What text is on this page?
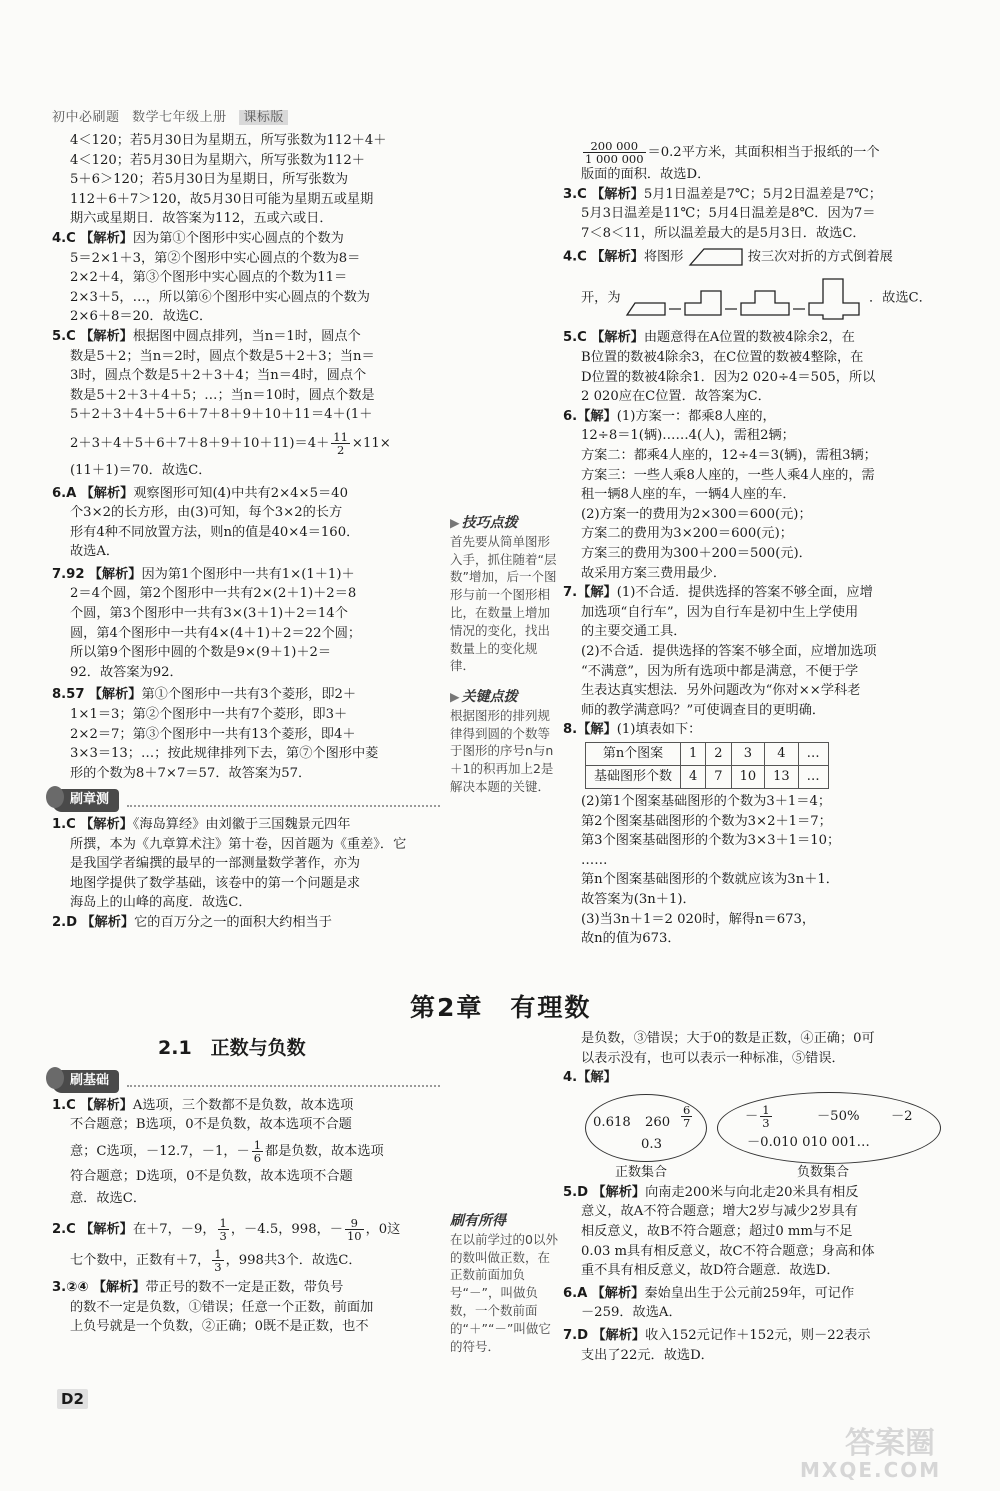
初中必刷题 数学七年级上册 课标版

4＜120；若5月30日为星期五，所写张数为112＋4＋

4＜120；若5月30日为星期六，所写张数为112＋

5＋6＞120；若5月30日为星期日，所写张数为

112＋6＋7＞120，故5月30日可能为星期五或星期

期六或星期日．故答案为112，五或六或日．

4.C 【解析】因为第①个图形中实心圆点的个数为

5＝2×1＋3，第②个图形中实心圆点的个数为8＝

2×2＋4，第③个图形中实心圆点的个数为11＝

2×3＋5，…，所以第⑥个图形中实心圆点的个数为

2×6＋8＝20．故选C．

5.C 【解析】根据图中圆点排列，当n＝1时，圆点个

数是5＋2；当n＝2时，圆点个数是5＋2＋3；当n＝

3时，圆点个数是5＋2＋3＋4；当n＝4时，圆点个

数是5＋2＋3＋4＋5；…；当n＝10时，圆点个数是

5＋2＋3＋4＋5＋6＋7＋8＋9＋10＋11＝4＋(1＋

$2+3+4+5+6+7+8+9+10+11)=4+ \frac{11}{2} \times 11\times$

(11＋1)＝70．故选C．

6.A 【解析】观察图形可知(4)中共有2×4×5＝40

个3×2的长方形，由(3)可知，每个3×2的长方

形有4种不同放置方法，则n的值是40×4＝160．

故选A．

7.92 【解析】因为第1个图形中一共有1×(1＋1)＋

2＝4个圆，第2个图形中一共有2×(2＋1)＋2＝8

个圆，第3个图形中一共有3×(3＋1)＋2＝14个

圆，第4个图形中一共有4×(4＋1)＋2＝22个圆；

所以第9个图形中圆的个数是9×(9＋1)＋2＝

92．故答案为92．

8.57 【解析】第①个图形中一共有3个菱形，即2＋

1×1＝3；第②个图形中一共有7个菱形，即3＋

2×2＝7；第③个图形中一共有13个菱形，即4＋

3×3＝13；…；按此规律排列下去，第⑦个图形中菱

形的个数为8＋7×7＝57．故答案为57．

刷章测

1.C 【解析】《海岛算经》由刘徽于三国魏景元四年

所撰，本为《九章算术注》第十卷，因首题为《重差》．它

是我国学者编撰的最早的一部测量数学著作，亦为

地图学提供了数学基础，该卷中的第一个问题是求

海岛上的山峰的高度．故选C．

2.D 【解析】它的百万分之一的面积大约相当于

▶ 技巧点拨
首先要从简单图形入手，抓住随着“层数”增加，后一个图形与前一个图形相比，在数量上增加情况的变化，找出数量上的变化规律．
▶ 关键点拨
根据图形的排列规律得到圆的个数等于图形的序号n与n＋1的积再加上2是解决本题的关键．
刷有所得
在以前学过的0以外的数叫做正数，在正数前面加负号“－”，叫做负数，一个数前面的“＋”“－”叫做它的符号．

$\frac{200 000}{1 000 000} =0.2$平方米，其面积相当于报纸的一个

版面的面积．故选D．

3.C 【解析】5月1日温差是7℃；5月2日温差是7℃；

5月3日温差是11℃；5月4日温差是8℃．因为7＝

7＜8＜11，所以温差最大的是5月3日．故选C．

4.C 【解析】将图形	按三次对折的方式倒着展

开，为	．故选C．

5.C 【解析】由题意得在A位置的数被4除余2，在

B位置的数被4除余3，在C位置的数被4整除，在

D位置的数被4除余1．因为2 020÷4＝505，所以

2 020应在C位置．故答案为C．

6.【解】(1)方案一：都乘8人座的，

12÷8＝1(辆)……4(人)，需租2辆；

方案二：都乘4人座的，12÷4＝3(辆)，需租3辆；

方案三：一些人乘8人座的，一些人乘4人座的，需

租一辆8人座的车，一辆4人座的车．

(2)方案一的费用为2×300＝600(元)；

方案二的费用为3×200＝600(元)；

方案三的费用为300＋200＝500(元)．

故采用方案三费用最少．

7.【解】(1)不合适．提供选择的答案不够全面，应增

加选项“自行车”，因为自行车是初中生上学使用

的主要交通工具．

(2)不合适．提供选择的答案不够全面，应增加选项

“不满意”，因为所有选项中都是满意，不便于学

生表达真实想法．另外问题改为“你对××学科老

师的教学满意吗？”可使调查目的更明确．

8.【解】(1)填表如下：

第n个图案	1	2	3	4	…
基础图形个数	4	7	10	13	…

(2)第1个图案基础图形的个数为3＋1＝4；

第2个图案基础图形的个数为3×2＋1＝7；

第3个图案基础图形的个数为3×3＋1＝10；

……

第n个图案基础图形的个数就应该为3n＋1．

故答案为(3n＋1)．

(3)当3n＋1＝2 020时，解得n＝673，

故n的值为673．

第2章　有理数
2.1　正数与负数
刷基础

1.C 【解析】A选项，三个数都不是负数，故本选项

不合题意；B选项，0不是负数，故本选项不合题

意；C选项，－12.7，－1，－ $\frac{1}{6}$ 都是负数，故本选项

符合题意；D选项，0不是负数，故本选项不合题

意．故选C．

2.C 【解析】在＋7，－9， $\frac{1}{3}$ ，－4.5，998，－ $\frac{9}{10}$ ，0这

七个数中，正数有＋7， $\frac{1}{3}$ ，998共3个．故选C．

3.②④ 【解析】带正号的数不一定是正数，带负号

的数不一定是负数，①错误；任意一个正数，前面加

上负号就是一个负数，②正确；0既不是正数，也不

是负数，③错误；大于0的数是正数，④正确；0可

以表示没有，也可以表示一种标准，⑤错误．

4.【解】

0.618 $260 \frac{6}{7}$
0.3
－ $\frac{1}{3}$	－50% －2
－0.010 010 001…
正数集合	负数集合

5.D 【解析】向南走200米与向北走20米具有相反

意义，故A不符合题意；增大2岁与减少2岁具有

相反意义，故B不符合题意；超过0 mm与不足

0.03 m具有相反意义，故C不符合题意；身高和体

重不具有相反意义，故D符合题意．故选D．

6.A 【解析】秦始皇出生于公元前259年，可记作

－259．故选A．

7.D 【解析】收入152元记作＋152元，则－22表示

支出了22元．故选D．

D2
答案圈
MXQE.COM
